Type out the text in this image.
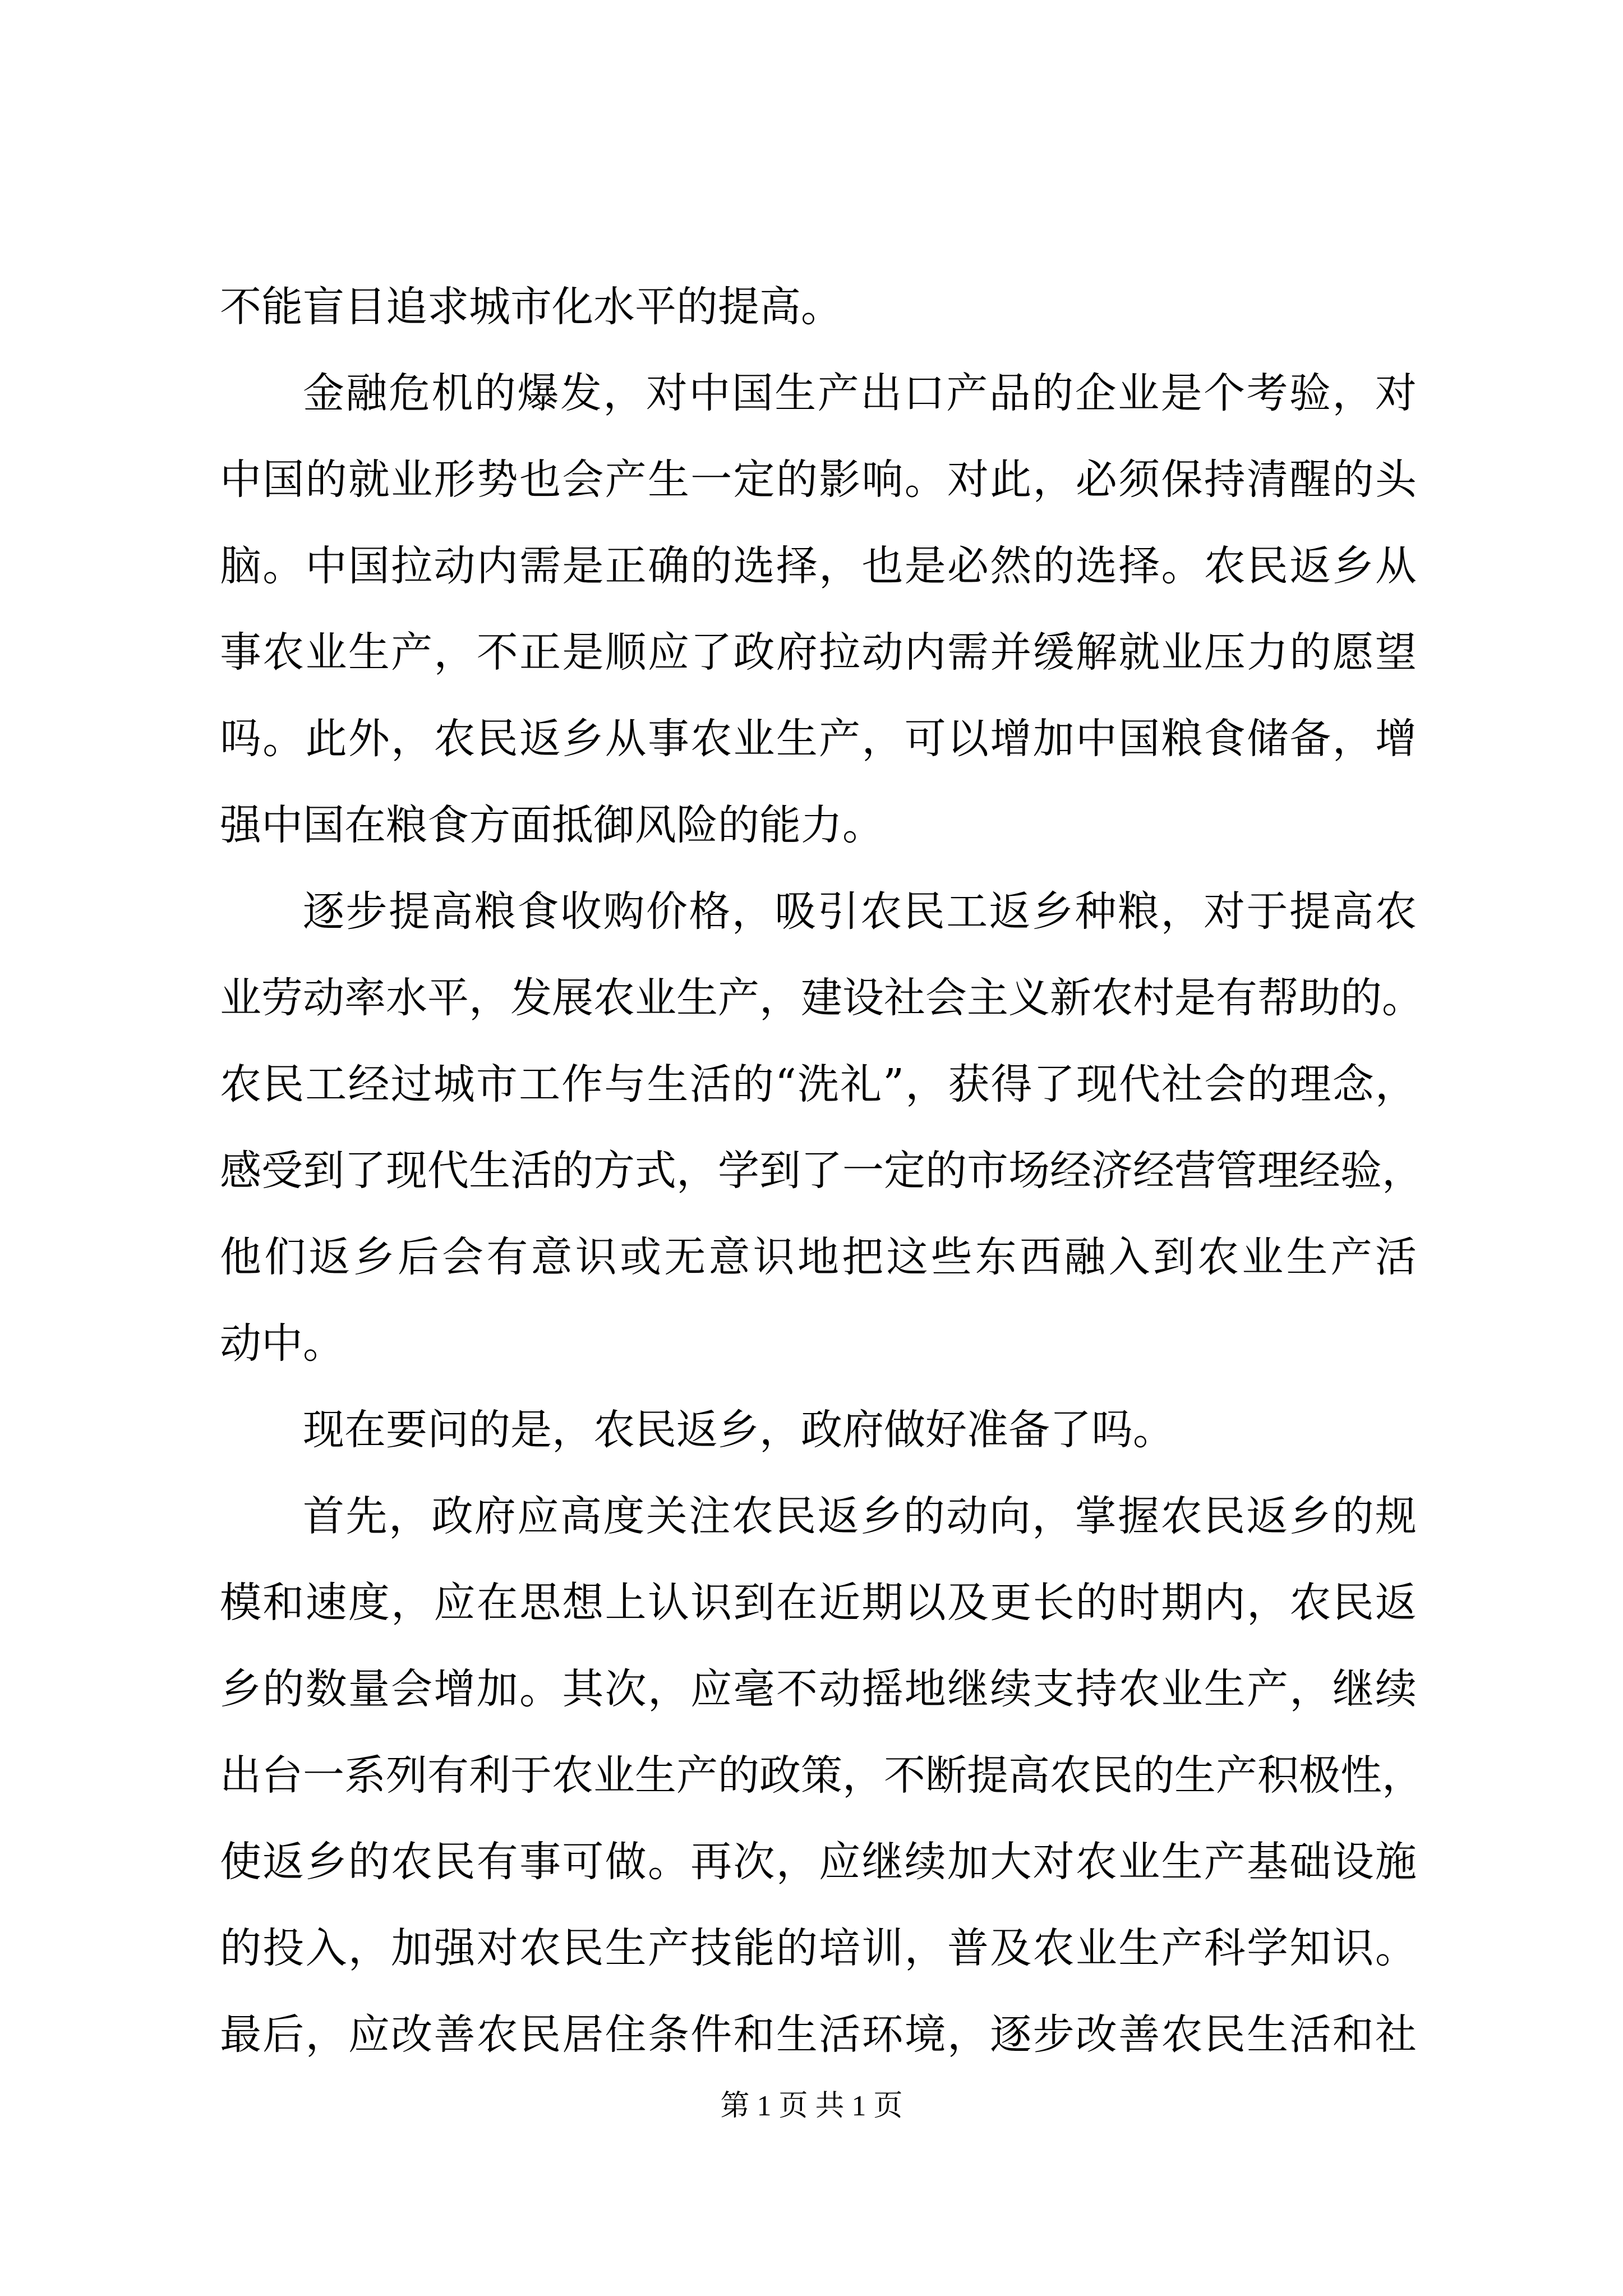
不能盲目追求城市化水平的提高。
金融危机的爆发，对中国生产出口产品的企业是个考验，对
中国的就业形势也会产生一定的影响。对此，必须保持清醒的头
脑。中国拉动内需是正确的选择，也是必然的选择。农民返乡从
事农业生产，不正是顺应了政府拉动内需并缓解就业压力的愿望
吗。此外，农民返乡从事农业生产，可以增加中国粮食储备，增
强中国在粮食方面抵御风险的能力。
逐步提高粮食收购价格，吸引农民工返乡种粮，对于提高农
业劳动率水平，发展农业生产，建设社会主义新农村是有帮助的。
农民工经过城市工作与生活的“洗礼”，获得了现代社会的理念，
感受到了现代生活的方式，学到了一定的市场经济经营管理经验，
他们返乡后会有意识或无意识地把这些东西融入到农业生产活
动中。
现在要问的是，农民返乡，政府做好准备了吗。
首先，政府应高度关注农民返乡的动向，掌握农民返乡的规
模和速度，应在思想上认识到在近期以及更长的时期内，农民返
乡的数量会增加。其次，应毫不动摇地继续支持农业生产，继续
出台一系列有利于农业生产的政策，不断提高农民的生产积极性，
使返乡的农民有事可做。再次，应继续加大对农业生产基础设施
的投入，加强对农民生产技能的培训，普及农业生产科学知识。
最后，应改善农民居住条件和生活环境，逐步改善农民生活和社
第 1 页 共 1 页
